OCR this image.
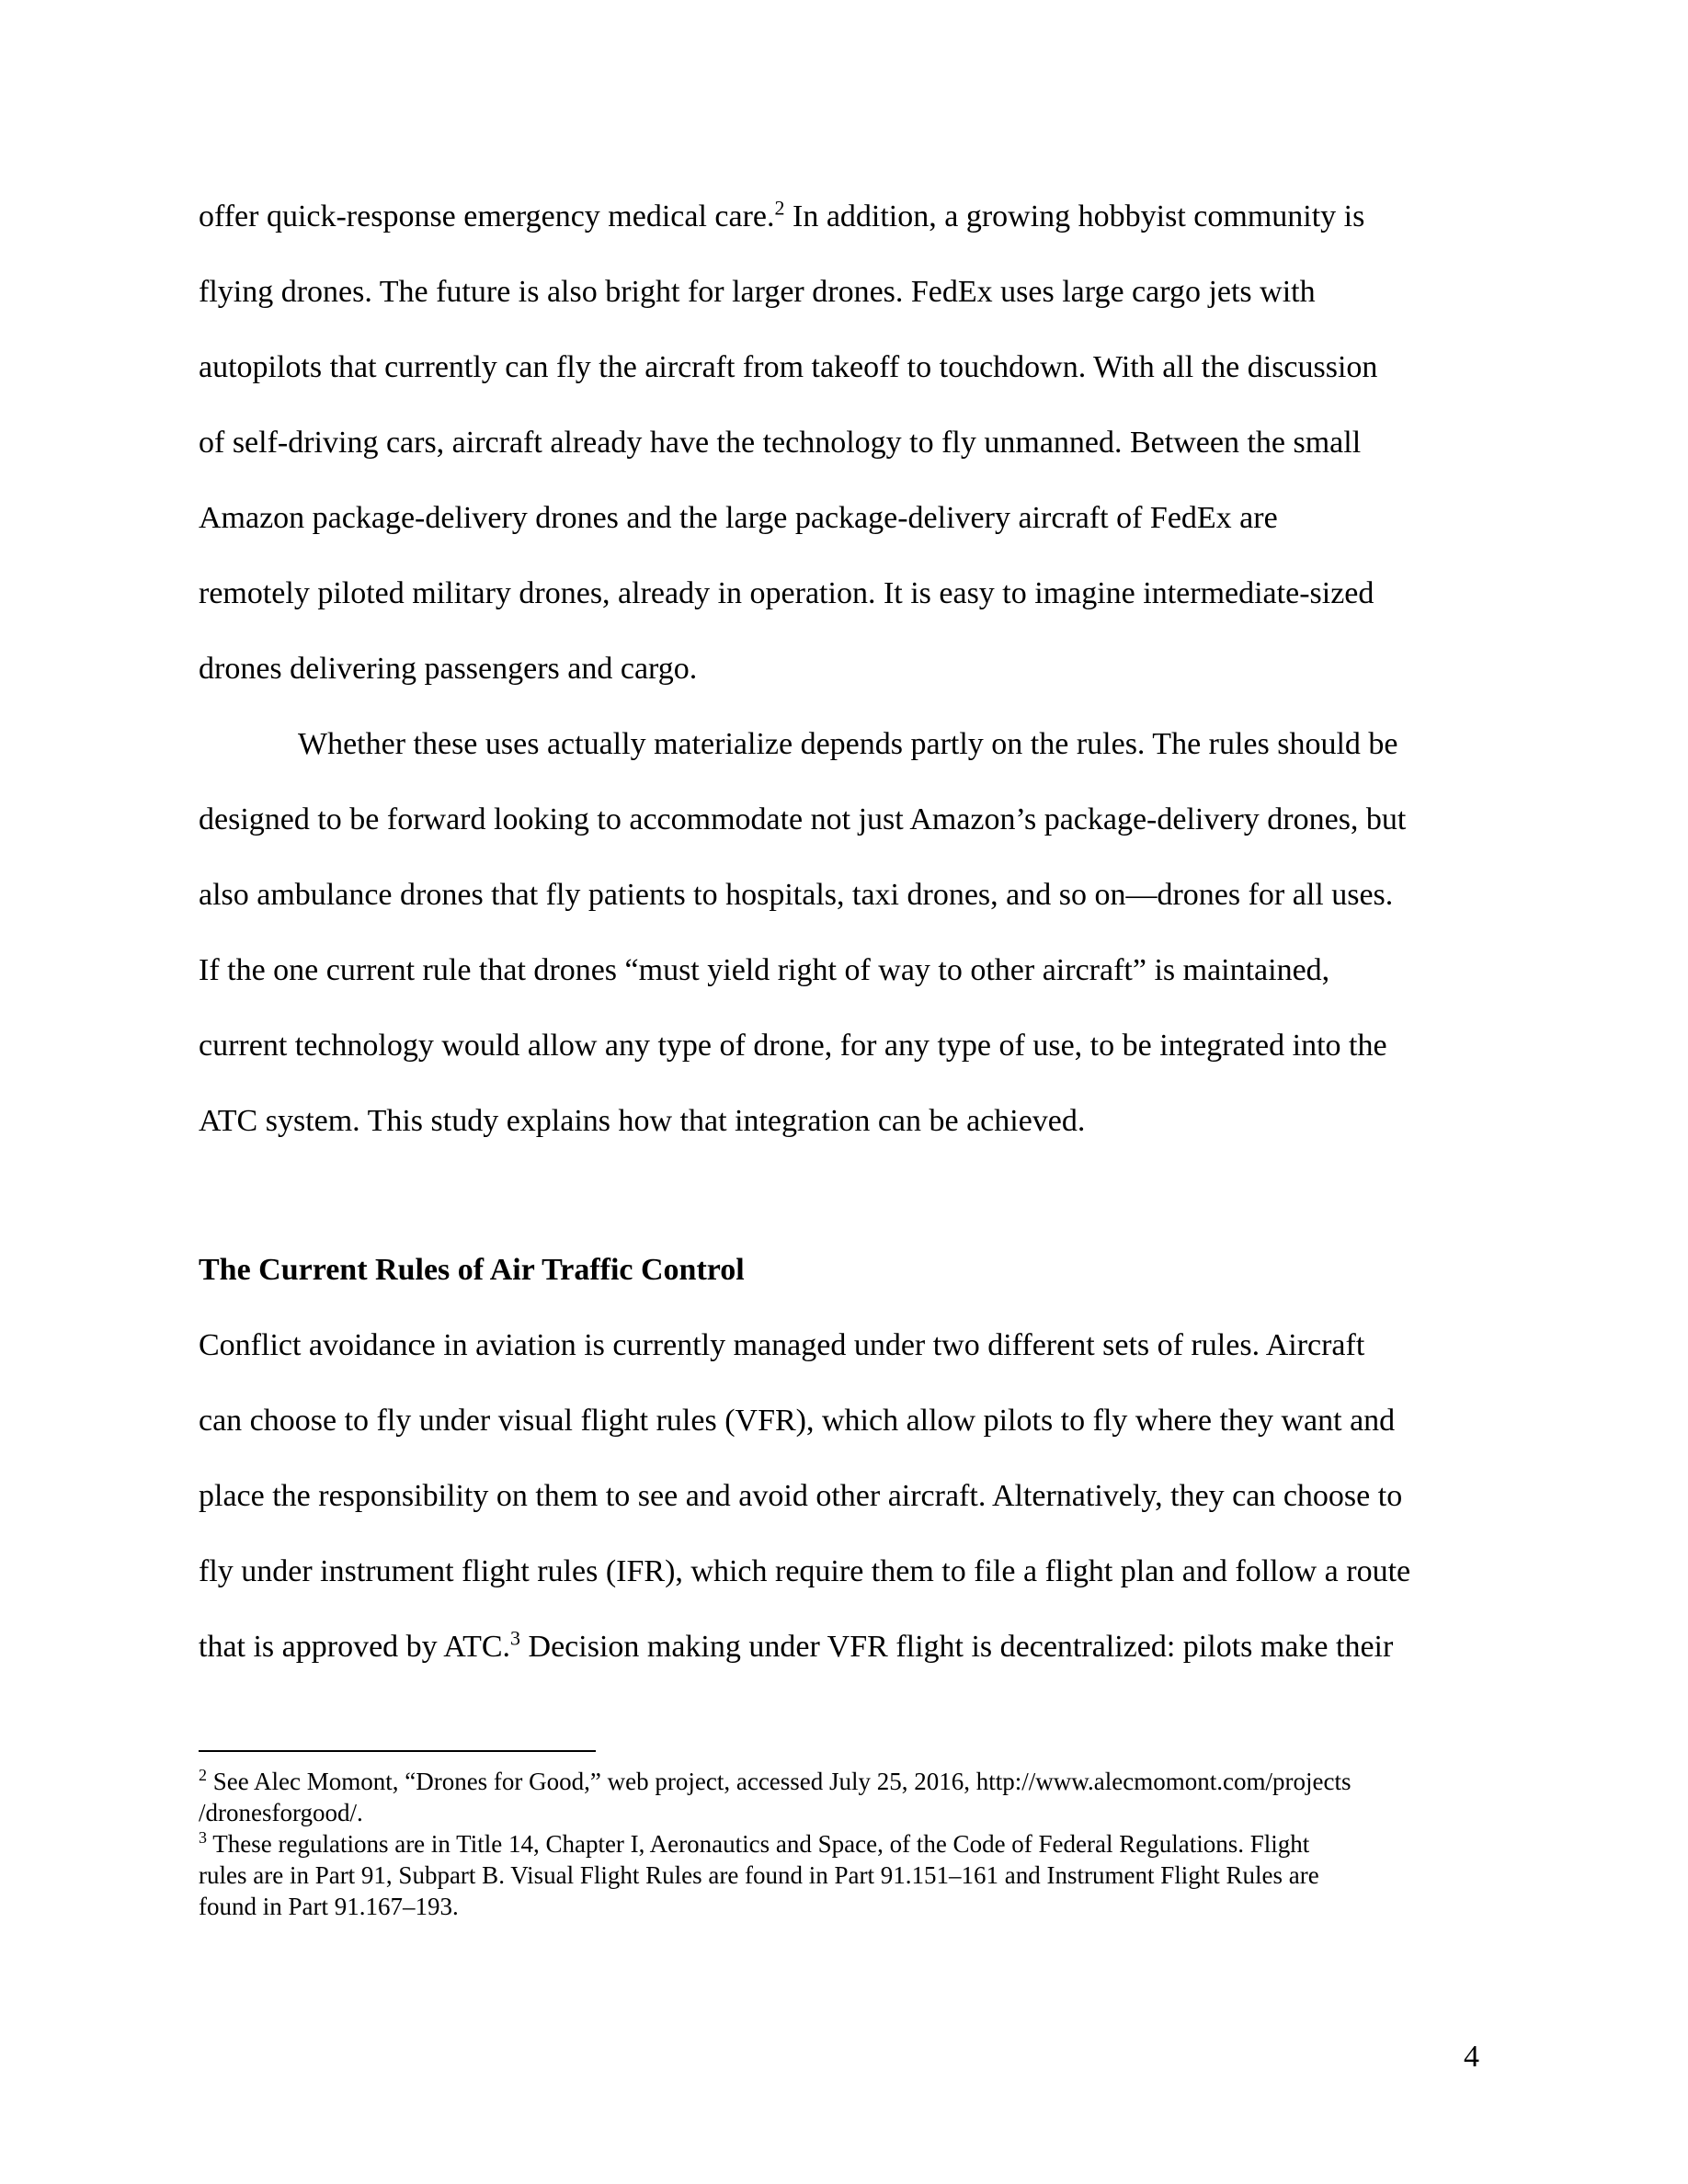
offer quick-response emergency medical care.$^2$ In addition, a growing hobbyist community is
flying drones. The future is also bright for larger drones. FedEx uses large cargo jets with
autopilots that currently can fly the aircraft from takeoff to touchdown. With all the discussion
of self-driving cars, aircraft already have the technology to fly unmanned. Between the small
Amazon package-delivery drones and the large package-delivery aircraft of FedEx are
remotely piloted military drones, already in operation. It is easy to imagine intermediate-sized
drones delivering passengers and cargo.
Whether these uses actually materialize depends partly on the rules. The rules should be
designed to be forward looking to accommodate not just Amazon’s package-delivery drones, but
also ambulance drones that fly patients to hospitals, taxi drones, and so on—drones for all uses.
If the one current rule that drones “must yield right of way to other aircraft” is maintained,
current technology would allow any type of drone, for any type of use, to be integrated into the
ATC system. This study explains how that integration can be achieved.
The Current Rules of Air Traffic Control
Conflict avoidance in aviation is currently managed under two different sets of rules. Aircraft
can choose to fly under visual flight rules (VFR), which allow pilots to fly where they want and
place the responsibility on them to see and avoid other aircraft. Alternatively, they can choose to
fly under instrument flight rules (IFR), which require them to file a flight plan and follow a route
that is approved by ATC.$^3$ Decision making under VFR flight is decentralized: pilots make their
$^2$ See Alec Momont, “Drones for Good,” web project, accessed July 25, 2016, http://www.alecmomont.com/projects
/dronesforgood/.
$^3$ These regulations are in Title 14, Chapter I, Aeronautics and Space, of the Code of Federal Regulations. Flight
rules are in Part 91, Subpart B. Visual Flight Rules are found in Part 91.151–161 and Instrument Flight Rules are
found in Part 91.167–193.
4
